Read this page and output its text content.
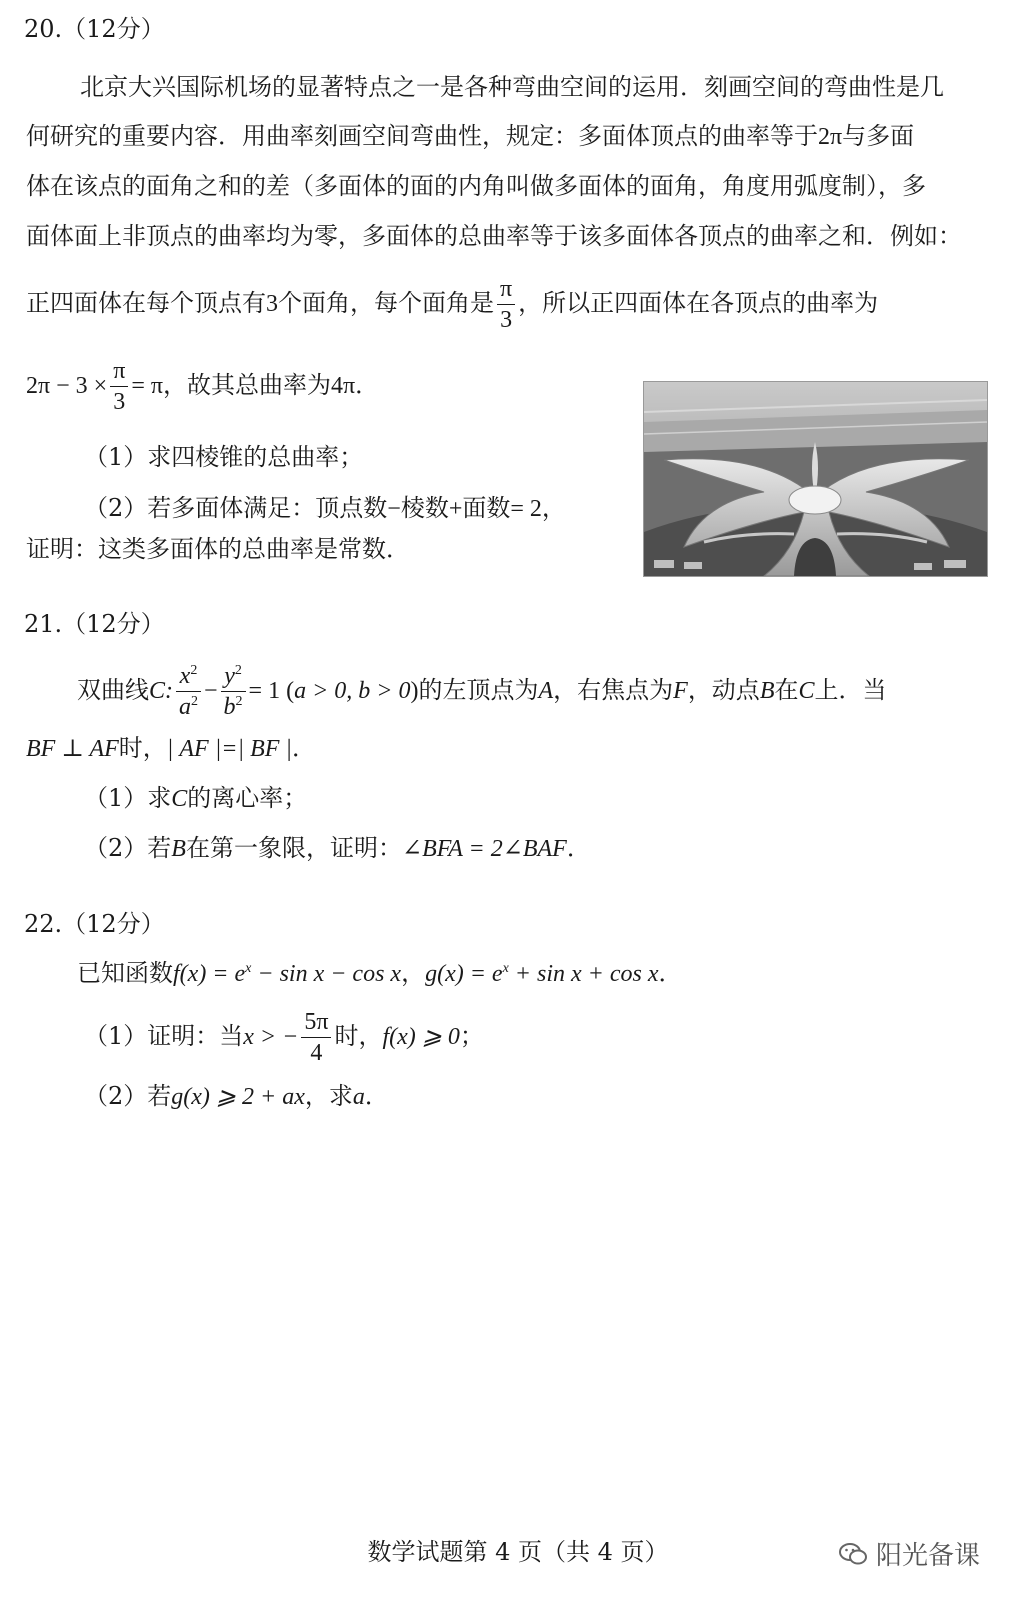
20.（12分）
北京大兴国际机场的显著特点之一是各种弯曲空间的运用．刻画空间的弯曲性是几
何研究的重要内容．用曲率刻画空间弯曲性，规定：多面体顶点的曲率等于2π与多面
体在该点的面角之和的差（多面体的面的内角叫做多面体的面角，角度用弧度制），多
面体面上非顶点的曲率均为零，多面体的总曲率等于该多面体各顶点的曲率之和．例如：
正四面体在每个顶点有3个面角，每个面角是 $\frac{\pi}{3}$ ，所以正四面体在各顶点的曲率为
$2\pi - 3 \times \frac{\pi}{3} = \pi$，故其总曲率为4π．
（1）求四棱锥的总曲率；
（2）若多面体满足：顶点数−棱数+面数= 2，
证明：这类多面体的总曲率是常数．
21.（12分）
双曲线C: $\frac{x^2}{a^2} - \frac{y^2}{b^2} = 1$ (a > 0, b > 0)的左顶点为A，右焦点为F，动点B在C上．当
BF ⊥ AF时，| AF |=| BF |．
（1）求C的离心率；
（2）若B在第一象限，证明：∠BFA = 2∠BAF．
22.（12分）
已知函数$f(x) = e^x - \sin x - \cos x$，$g(x) = e^x + \sin x + \cos x$．
（1）证明：当x > − $\frac{5\pi}{4}$ 时，f(x) ⩾ 0；
（2）若g(x) ⩾ 2 + ax，求a．
数学试题第 4 页（共 4 页）	阳光备课
